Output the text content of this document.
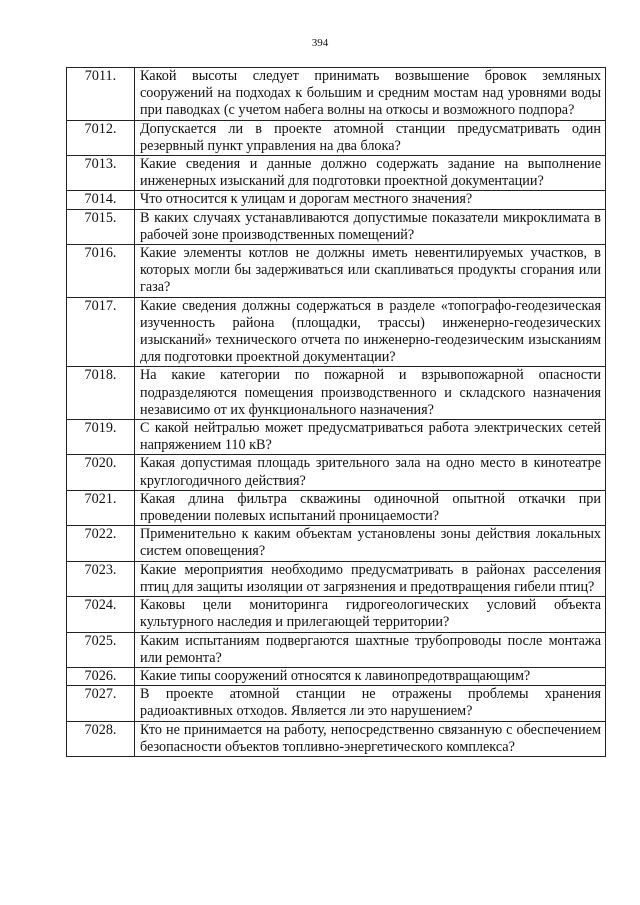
394
7011.	Какой высоты следует принимать возвышение бровок земляных сооружений на подходах к большим и средним мостам над уровнями воды при паводках (с учетом набега волны на откосы и возможного подпора?
7012.	Допускается ли в проекте атомной станции предусматривать один резервный пункт управления на два блока?
7013.	Какие сведения и данные должно содержать задание на выполнение инженерных изысканий для подготовки проектной документации?
7014.	Что относится к улицам и дорогам местного значения?
7015.	В каких случаях устанавливаются допустимые показатели микроклимата в рабочей зоне производственных помещений?
7016.	Какие элементы котлов не должны иметь невентилируемых участков, в которых могли бы задерживаться или скапливаться продукты сгорания или газа?
7017.	Какие сведения должны содержаться в разделе «топографо-геодезическая изученность района (площадки, трассы) инженерно-геодезических изысканий» технического отчета по инженерно-геодезическим изысканиям для подготовки проектной документации?
7018.	На какие категории по пожарной и взрывопожарной опасности подразделяются помещения производственного и складского назначения независимо от их функционального назначения?
7019.	С какой нейтралью может предусматриваться работа электрических сетей напряжением 110 кВ?
7020.	Какая допустимая площадь зрительного зала на одно место в кинотеатре круглогодичного действия?
7021.	Какая длина фильтра скважины одиночной опытной откачки при проведении полевых испытаний проницаемости?
7022.	Применительно к каким объектам установлены зоны действия локальных систем оповещения?
7023.	Какие мероприятия необходимо предусматривать в районах расселения птиц для защиты изоляции от загрязнения и предотвращения гибели птиц?
7024.	Каковы цели мониторинга гидрогеологических условий объекта культурного наследия и прилегающей территории?
7025.	Каким испытаниям подвергаются шахтные трубопроводы после монтажа или ремонта?
7026.	Какие типы сооружений относятся к лавинопредотвращающим?
7027.	В проекте атомной станции не отражены проблемы хранения радиоактивных отходов. Является ли это нарушением?
7028.	Кто не принимается на работу, непосредственно связанную с обеспечением безопасности объектов топливно-энергетического комплекса?
